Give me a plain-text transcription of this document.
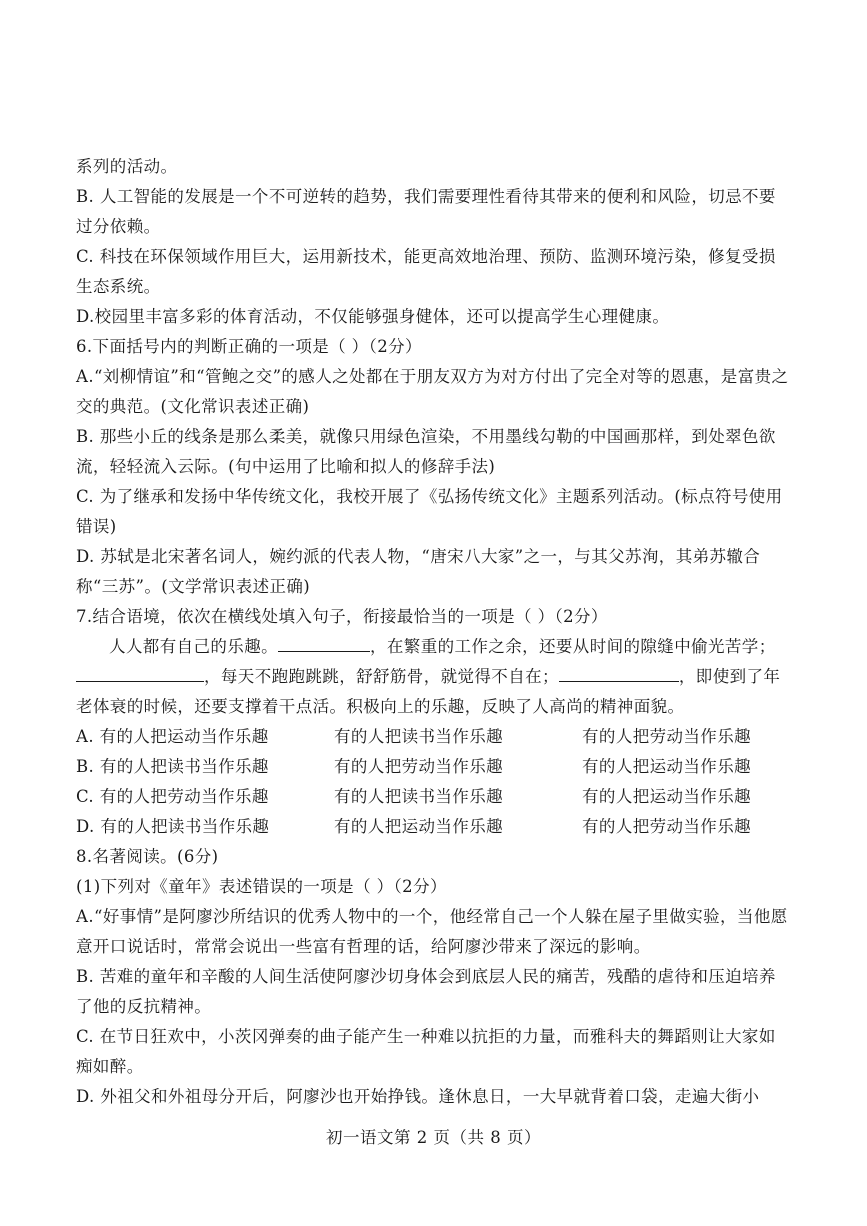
系列的活动。

B. 人工智能的发展是一个不可逆转的趋势，我们需要理性看待其带来的便利和风险，切忌不要过分依赖。

C. 科技在环保领域作用巨大，运用新技术，能更高效地治理、预防、监测环境污染，修复受损生态系统。

D.校园里丰富多彩的体育活动，不仅能够强身健体，还可以提高学生心理健康。

6.下面括号内的判断正确的一项是（ ）（2分）

A.“刘柳情谊”和“管鲍之交”的感人之处都在于朋友双方为对方付出了完全对等的恩惠，是富贵之交的典范。(文化常识表述正确)

B. 那些小丘的线条是那么柔美，就像只用绿色渲染，不用墨线勾勒的中国画那样，到处翠色欲流，轻轻流入云际。(句中运用了比喻和拟人的修辞手法)

C. 为了继承和发扬中华传统文化，我校开展了《弘扬传统文化》主题系列活动。(标点符号使用错误)

D. 苏轼是北宋著名词人，婉约派的代表人物，“唐宋八大家”之一，与其父苏洵，其弟苏辙合称“三苏”。(文学常识表述正确)

7.结合语境，依次在横线处填入句子，衔接最恰当的一项是（ ）（2分）

人人都有自己的乐趣。	，在繁重的工作之余，还要从时间的隙缝中偷光苦学；，每天不跑跑跳跳，舒舒筋骨，就觉得不自在；	，即使到了年老体衰的时候，还要支撑着干点活。积极向上的乐趣，反映了人高尚的精神面貌。

A. 有的人把运动当作乐趣	有的人把读书当作乐趣	有的人把劳动当作乐趣
B. 有的人把读书当作乐趣	有的人把劳动当作乐趣	有的人把运动当作乐趣
C. 有的人把劳动当作乐趣	有的人把读书当作乐趣	有的人把运动当作乐趣
D. 有的人把读书当作乐趣	有的人把运动当作乐趣	有的人把劳动当作乐趣

8.名著阅读。(6分)

(1)下列对《童年》表述错误的一项是（ ）（2分）

A.“好事情”是阿廖沙所结识的优秀人物中的一个，他经常自己一个人躲在屋子里做实验，当他愿意开口说话时，常常会说出一些富有哲理的话，给阿廖沙带来了深远的影响。

B. 苦难的童年和辛酸的人间生活使阿廖沙切身体会到底层人民的痛苦，残酷的虐待和压迫培养了他的反抗精神。

C. 在节日狂欢中，小茨冈弹奏的曲子能产生一种难以抗拒的力量，而雅科夫的舞蹈则让大家如痴如醉。

D. 外祖父和外祖母分开后，阿廖沙也开始挣钱。逢休息日，一大早就背着口袋，走遍大街小

初一语文第 2 页（共 8 页）
